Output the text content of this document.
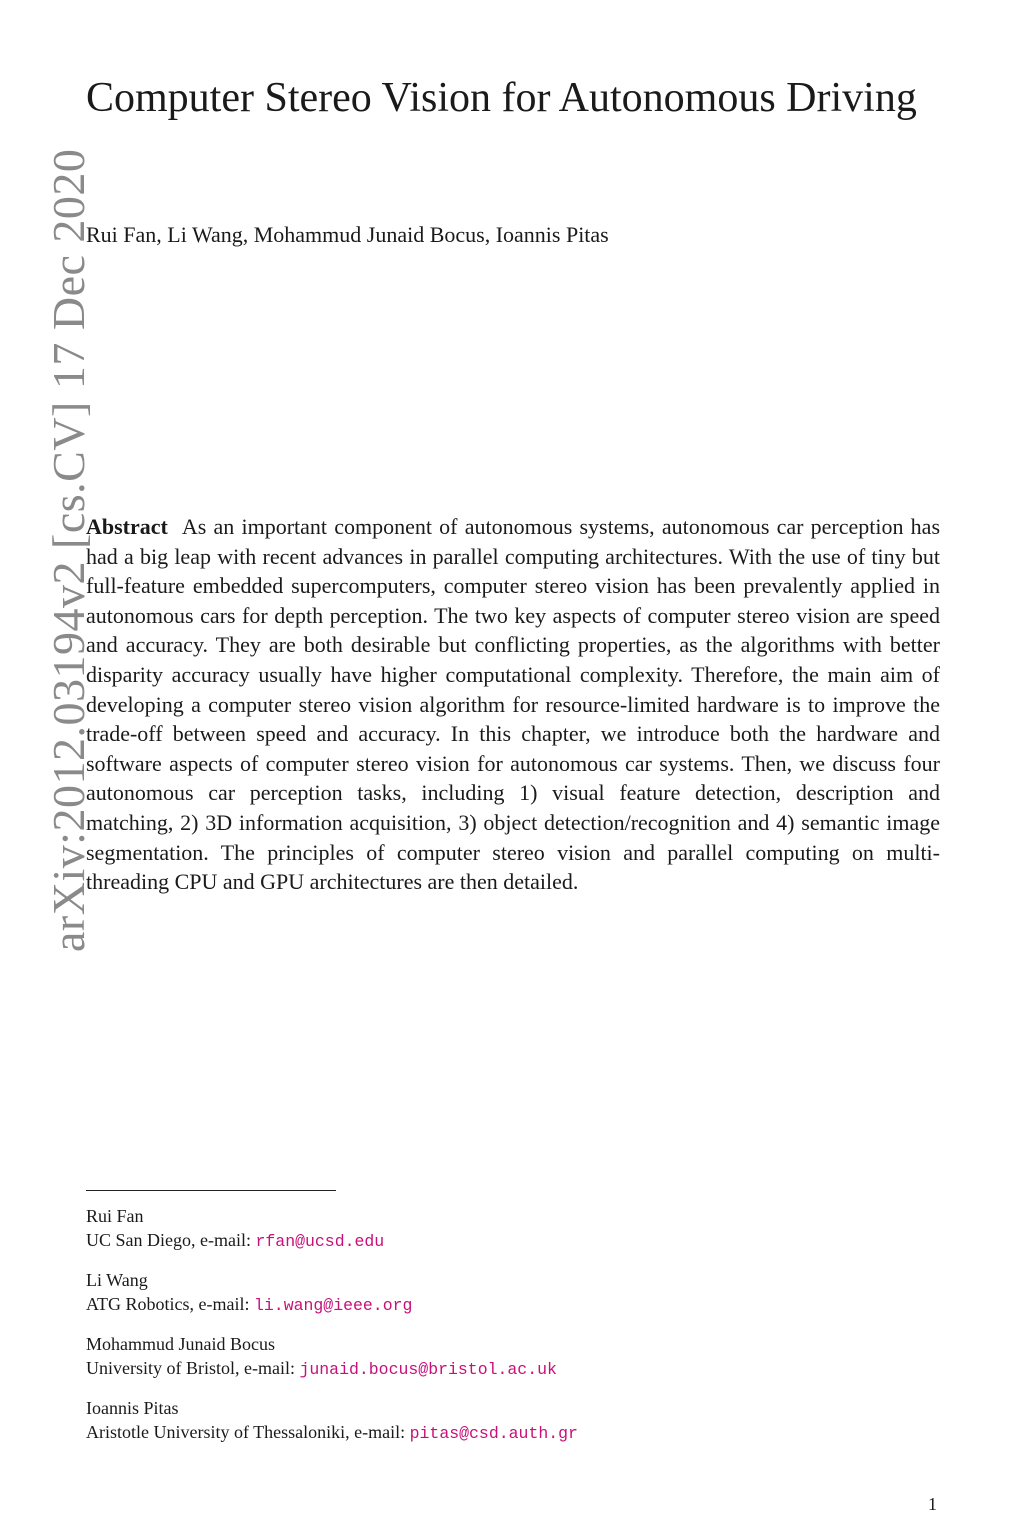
arXiv:2012.03194v2 [cs.CV] 17 Dec 2020
Computer Stereo Vision for Autonomous Driving
Rui Fan, Li Wang, Mohammud Junaid Bocus, Ioannis Pitas

Abstract As an important component of autonomous systems, autonomous car perception has had a big leap with recent advances in parallel computing architectures. With the use of tiny but full-feature embedded supercomputers, computer stereo vision has been prevalently applied in autonomous cars for depth perception. The two key aspects of computer stereo vision are speed and accuracy. They are both desirable but conflicting properties, as the algorithms with better disparity accuracy usually have higher computational complexity. Therefore, the main aim of developing a computer stereo vision algorithm for resource-limited hardware is to improve the trade-off between speed and accuracy. In this chapter, we introduce both the hardware and software aspects of computer stereo vision for autonomous car systems. Then, we discuss four autonomous car perception tasks, including 1) visual feature detection, description and matching, 2) 3D information acquisition, 3) object detection/recognition and 4) semantic image segmentation. The principles of computer stereo vision and parallel computing on multi-threading CPU and GPU architectures are then detailed.

Rui Fan
UC San Diego, e-mail: rfan@ucsd.edu
Li Wang
ATG Robotics, e-mail: li.wang@ieee.org
Mohammud Junaid Bocus
University of Bristol, e-mail: junaid.bocus@bristol.ac.uk
Ioannis Pitas
Aristotle University of Thessaloniki, e-mail: pitas@csd.auth.gr
1
